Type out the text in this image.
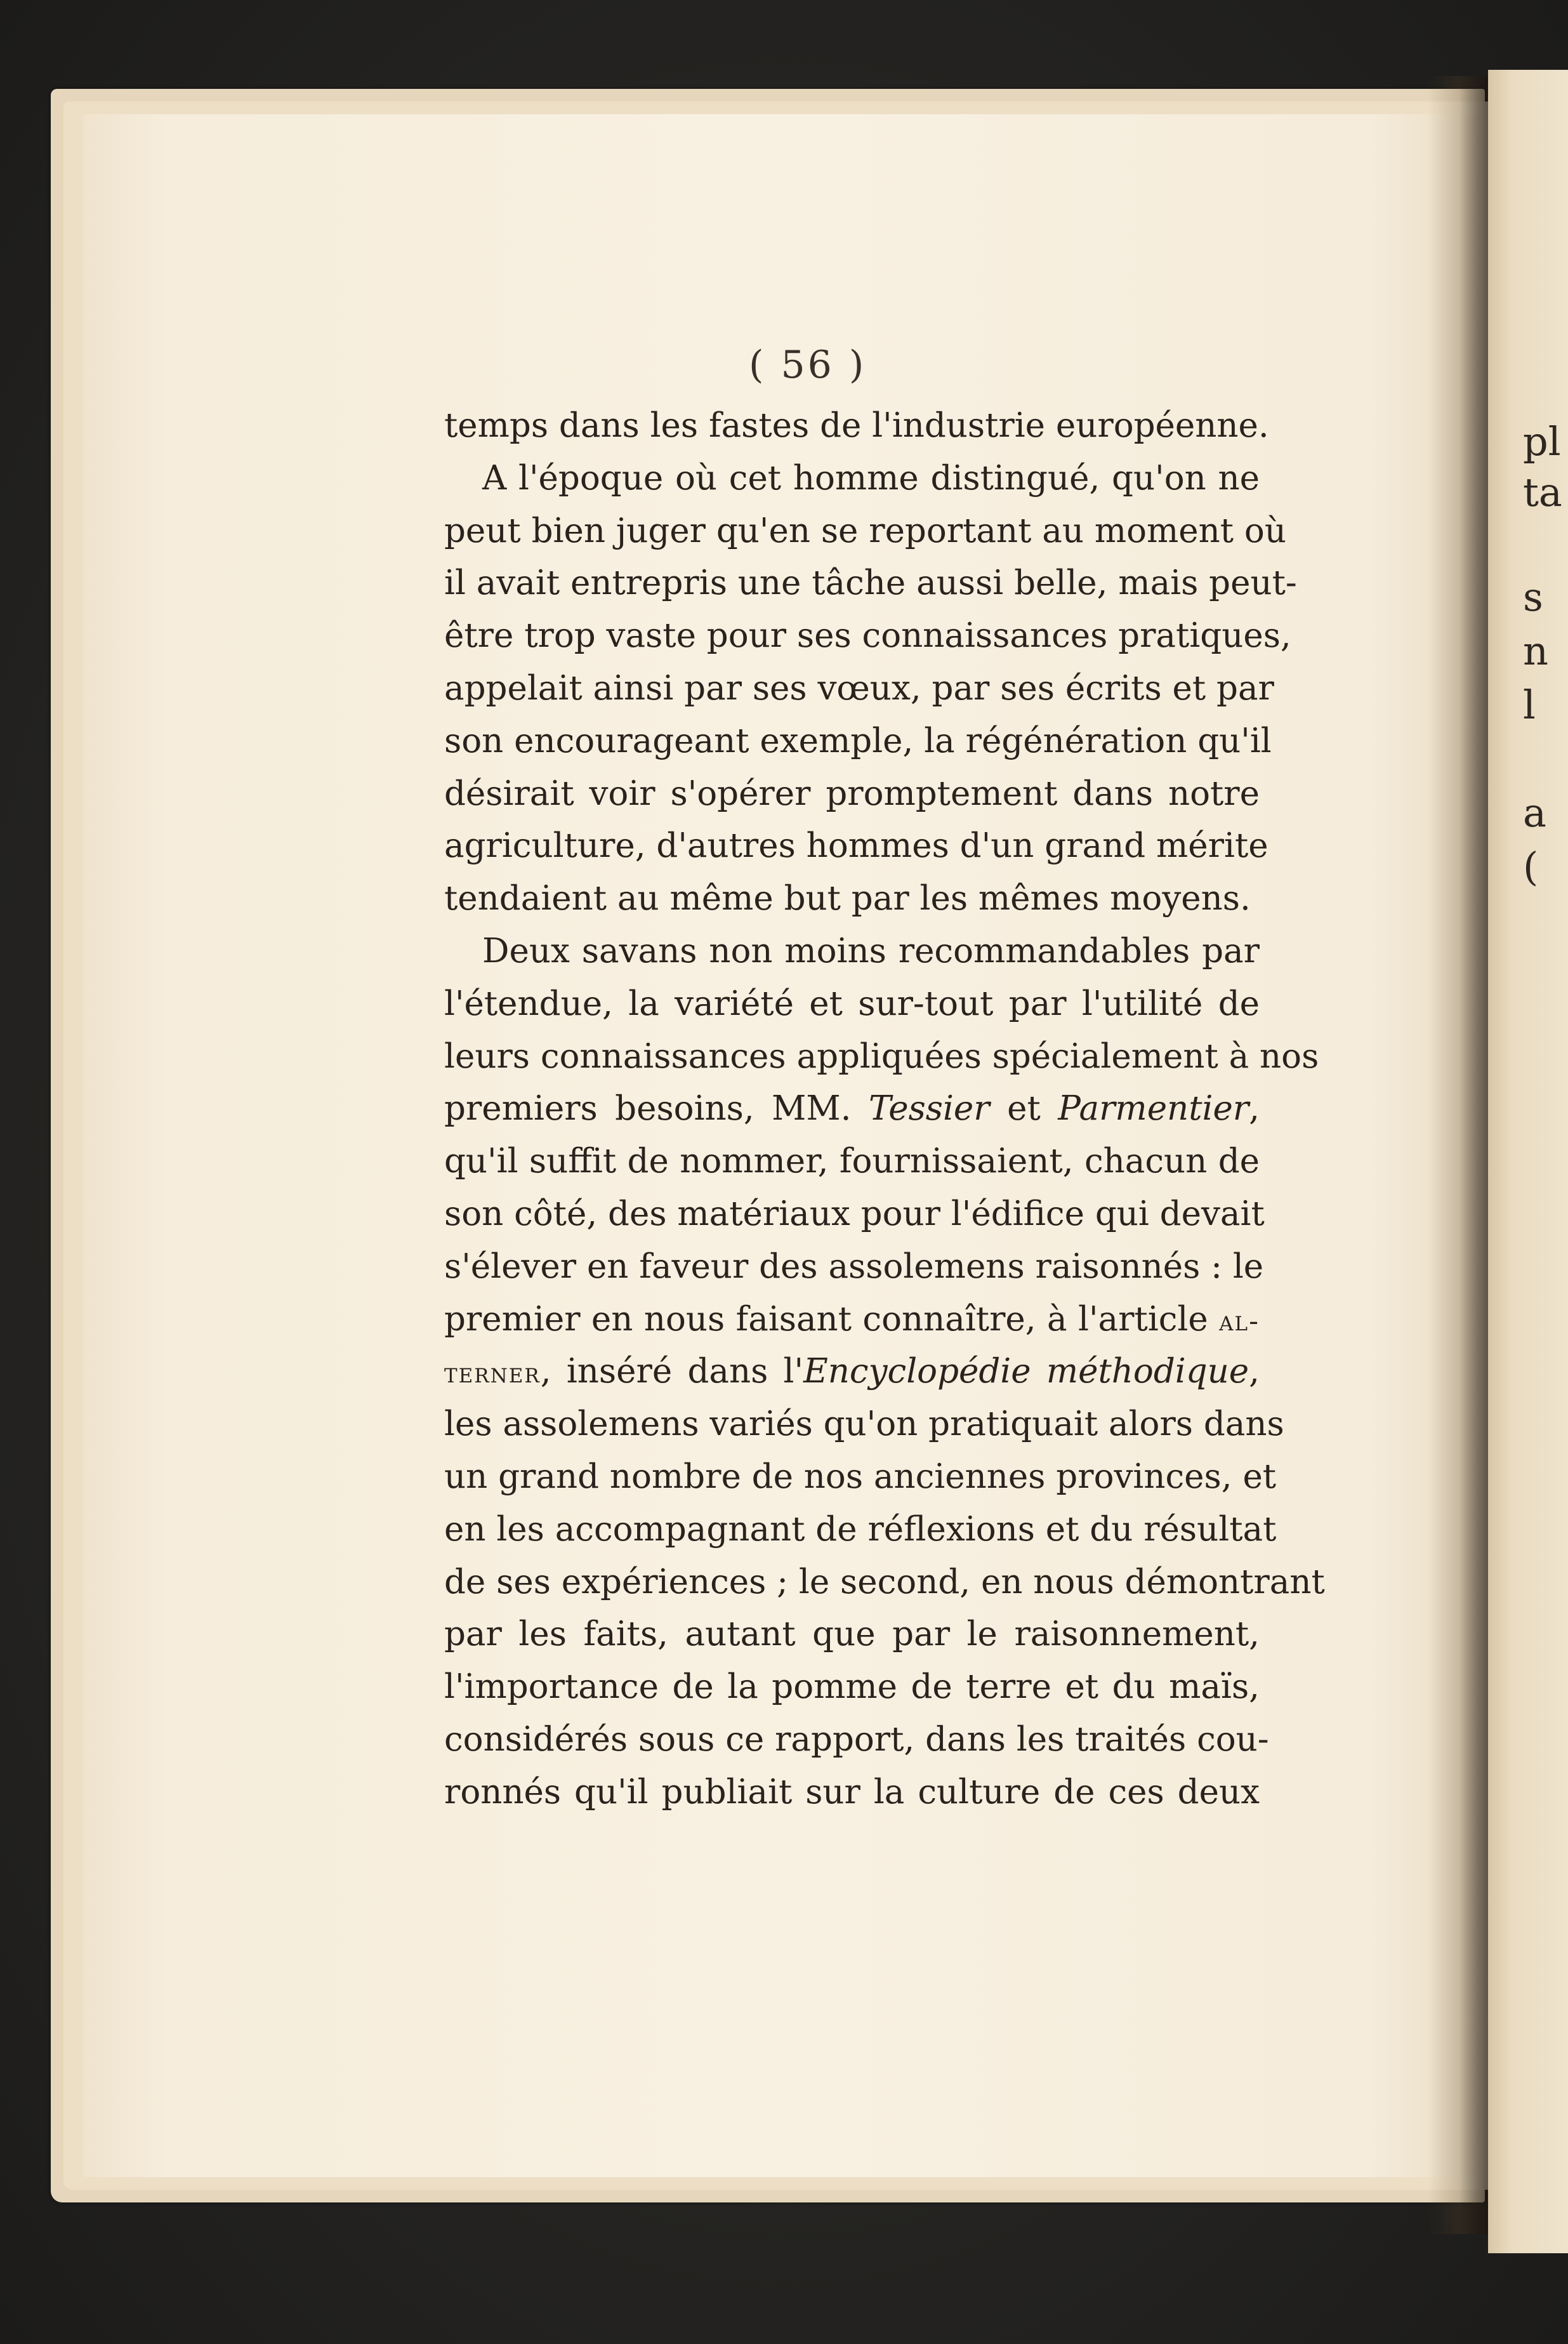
pl
ta
s
n
l
a
(
( 56 )
temps dans les fastes de l'industrie européenne.
A l'époque où cet homme distingué, qu'on ne
peut bien juger qu'en se reportant au moment où
il avait entrepris une tâche aussi belle, mais peut-
être trop vaste pour ses connaissances pratiques,
appelait ainsi par ses vœux, par ses écrits et par
son encourageant exemple, la régénération qu'il
désirait voir s'opérer promptement dans notre
agriculture, d'autres hommes d'un grand mérite
tendaient au même but par les mêmes moyens.
Deux savans non moins recommandables par
l'étendue, la variété et sur-tout par l'utilité de
leurs connaissances appliquées spécialement à nos
premiers besoins, MM. Tessier et Parmentier,
qu'il suffit de nommer, fournissaient, chacun de
son côté, des matériaux pour l'édifice qui devait
s'élever en faveur des assolemens raisonnés : le
premier en nous faisant connaître, à l'article al-
terner, inséré dans l'Encyclopédie méthodique,
les assolemens variés qu'on pratiquait alors dans
un grand nombre de nos anciennes provinces, et
en les accompagnant de réflexions et du résultat
de ses expériences ; le second, en nous démontrant
par les faits, autant que par le raisonnement,
l'importance de la pomme de terre et du maïs,
considérés sous ce rapport, dans les traités cou-
ronnés qu'il publiait sur la culture de ces deux
